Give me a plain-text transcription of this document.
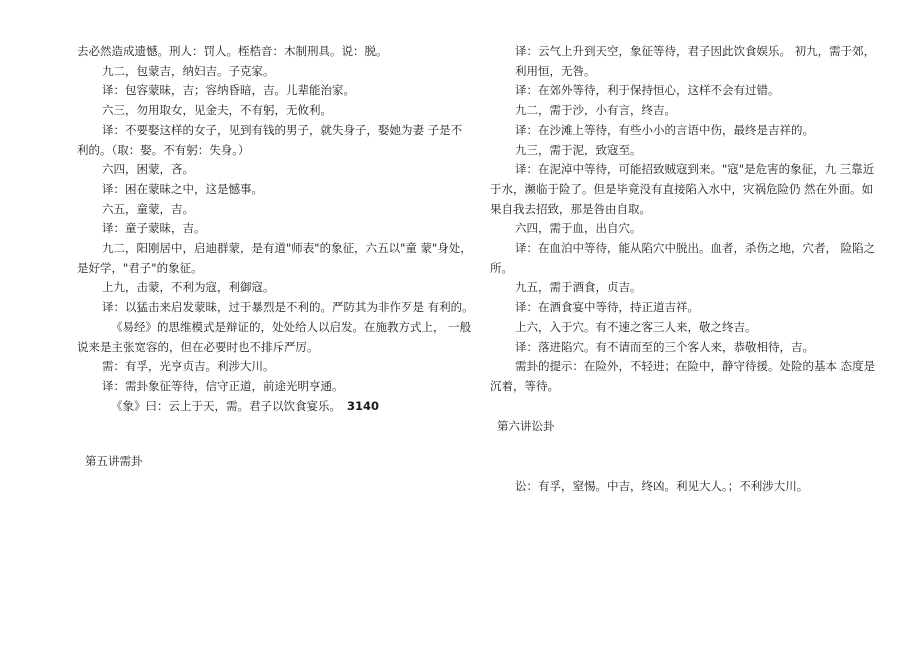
去必然造成遗憾。刑人：罚人。桎梏音：木制刑具。说：脱。

九二，包蒙吉，纳妇吉。子克家。

译：包容蒙昧，吉；容纳昏暗，吉。儿辈能治家。

六三，勿用取女，见金夫，不有躬，无攸利。

译：不要娶这样的女子，见到有钱的男子，就失身子，娶她为妻 子是不

利的。（取：娶。不有躬：失身。）

六四，困蒙，吝。

译：困在蒙昧之中，这是憾事。

六五，童蒙，吉。

译：童子蒙昧，吉。

九二，阳刚居中，启迪群蒙，是有道"师表"的象征，六五以"童 蒙"身处，

是好学，"君子"的象征。

上九，击蒙，不利为寇，利御寇。

译：以猛击来启发蒙昧，过于暴烈是不利的。严防其为非作歹是 有利的。

《易经》的思维模式是辩证的，处处给人以启发。在施教方式上， 一般

说来是主张宽容的，但在必要时也不排斥严厉。

需：有孚，光亨贞吉。利涉大川。

译：需卦象征等待，信守正道，前途光明亨通。

《象》曰：云上于天，需。君子以饮食宴乐。 3140

第五讲需卦

译：云气上升到天空，象征等待，君子因此饮食娱乐。 初九，需于郊，

利用恒，无咎。

译：在郊外等待，利于保持恒心，这样不会有过错。

九二，需于沙，小有言，终吉。

译：在沙滩上等待，有些小小的言语中伤，最终是吉祥的。

九三，需于泥，致寇至。

译：在泥淖中等待，可能招致贼寇到来。"寇"是危害的象征，九 三靠近

于水，濒临于险了。但是毕竟没有直接陷入水中，灾祸危险仍 然在外面。如

果自我去招致，那是咎由自取。

六四，需于血，出自穴。

译：在血泊中等待，能从陷穴中脱出。血者，杀伤之地，穴者， 险陷之

所。

九五，需于酒食，贞吉。

译：在酒食宴中等待，持正道吉祥。

上六，入于穴。有不速之客三人来，敬之终吉。

译：落进陷穴。有不请而至的三个客人来，恭敬相待，吉。

需卦的提示：在险外，不轻进；在险中，静守待援。处险的基本 态度是

沉着，等待。

第六讲讼卦

讼：有孚，窒惕。中吉，终凶。利见大人。；不利涉大川。
